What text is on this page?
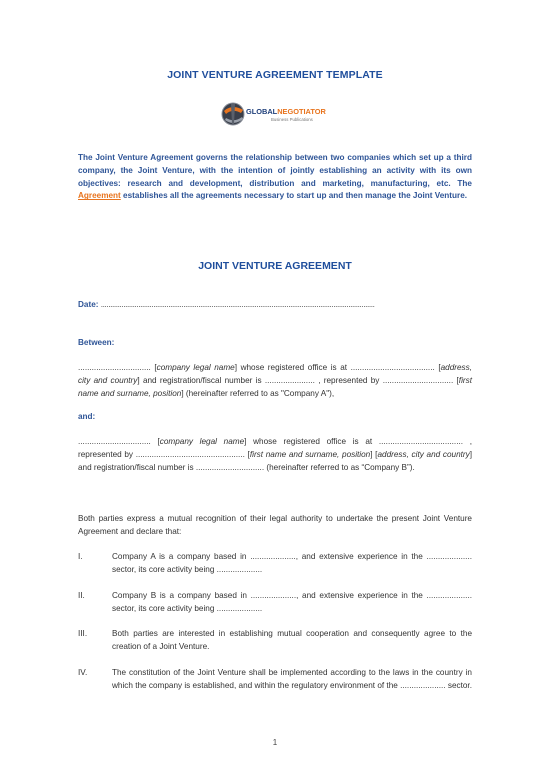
JOINT VENTURE AGREEMENT TEMPLATE
GLOBALNEGOTIATOR
Business Publications
The Joint Venture Agreement governs the relationship between two companies which set up a third company, the Joint Venture, with the intention of jointly establishing an activity with its own objectives: research and development, distribution and marketing, manufacturing, etc. The Agreement establishes all the agreements necessary to start up and then manage the Joint Venture.
JOINT VENTURE AGREEMENT
Date: ..................................................................................................................................................
Between:
................................ [company legal name] whose registered office is at ..................................... [address, city and country] and registration/fiscal number is ...................... , represented by ............................... [first name and surname, position] (hereinafter referred to as "Company A"),
and:
................................ [company legal name] whose registered office is at ..................................... , represented by ................................................ [first name and surname, position] [address, city and country] and registration/fiscal number is .............................. (hereinafter referred to as “Company B”).
Both parties express a mutual recognition of their legal authority to undertake the present Joint Venture Agreement and declare that:
I.	Company A is a company based in ...................., and extensive experience in the .................... sector, its core activity being ....................
II.	Company B is a company based in ...................., and extensive experience in the .................... sector, its core activity being ....................
III.	Both parties are interested in establishing mutual cooperation and consequently agree to the creation of a Joint Venture.
IV.	The constitution of the Joint Venture shall be implemented according to the laws in the country in which the company is established, and within the regulatory environment of the .................... sector.
1
